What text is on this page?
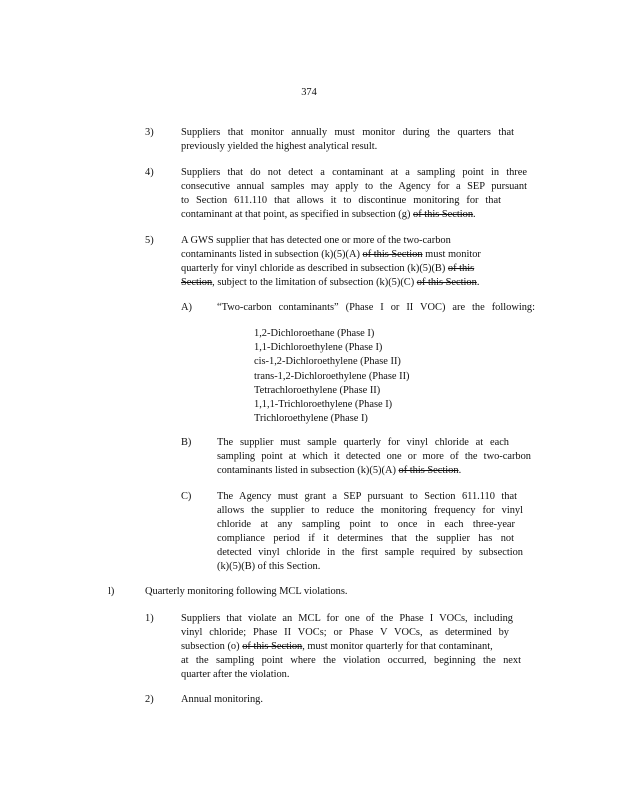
374
3)	Suppliers that monitor annually must monitor during the quarters that
previously yielded the highest analytical result.
4)	Suppliers that do not detect a contaminant at a sampling point in three
consecutive annual samples may apply to the Agency for a SEP pursuant
to Section 611.110 that allows it to discontinue monitoring for that
contaminant at that point, as specified in subsection (g) of this Section.
5)	A GWS supplier that has detected one or more of the two-carbon
contaminants listed in subsection (k)(5)(A) of this Section must monitor
quarterly for vinyl chloride as described in subsection (k)(5)(B) of this
Section, subject to the limitation of subsection (k)(5)(C) of this Section.
A) “Two-carbon contaminants” (Phase I or II VOC) are the following:
1,2-Dichloroethane (Phase I)
1,1-Dichloroethylene (Phase I)
cis-1,2-Dichloroethylene (Phase II)
trans-1,2-Dichloroethylene (Phase II)
Tetrachloroethylene (Phase II)
1,1,1-Trichloroethylene (Phase I)
Trichloroethylene (Phase I)
B) The supplier must sample quarterly for vinyl chloride at each
sampling point at which it detected one or more of the two-carbon
contaminants listed in subsection (k)(5)(A) of this Section.
C) The Agency must grant a SEP pursuant to Section 611.110 that
allows the supplier to reduce the monitoring frequency for vinyl
chloride at any sampling point to once in each three-year
compliance period if it determines that the supplier has not
detected vinyl chloride in the first sample required by subsection
(k)(5)(B) of this Section.
l)	Quarterly monitoring following MCL violations.
1)	Suppliers that violate an MCL for one of the Phase I VOCs, including
vinyl chloride; Phase II VOCs; or Phase V VOCs, as determined by
subsection (o) of this Section, must monitor quarterly for that contaminant,
at the sampling point where the violation occurred, beginning the next
quarter after the violation.
2)	Annual monitoring.
